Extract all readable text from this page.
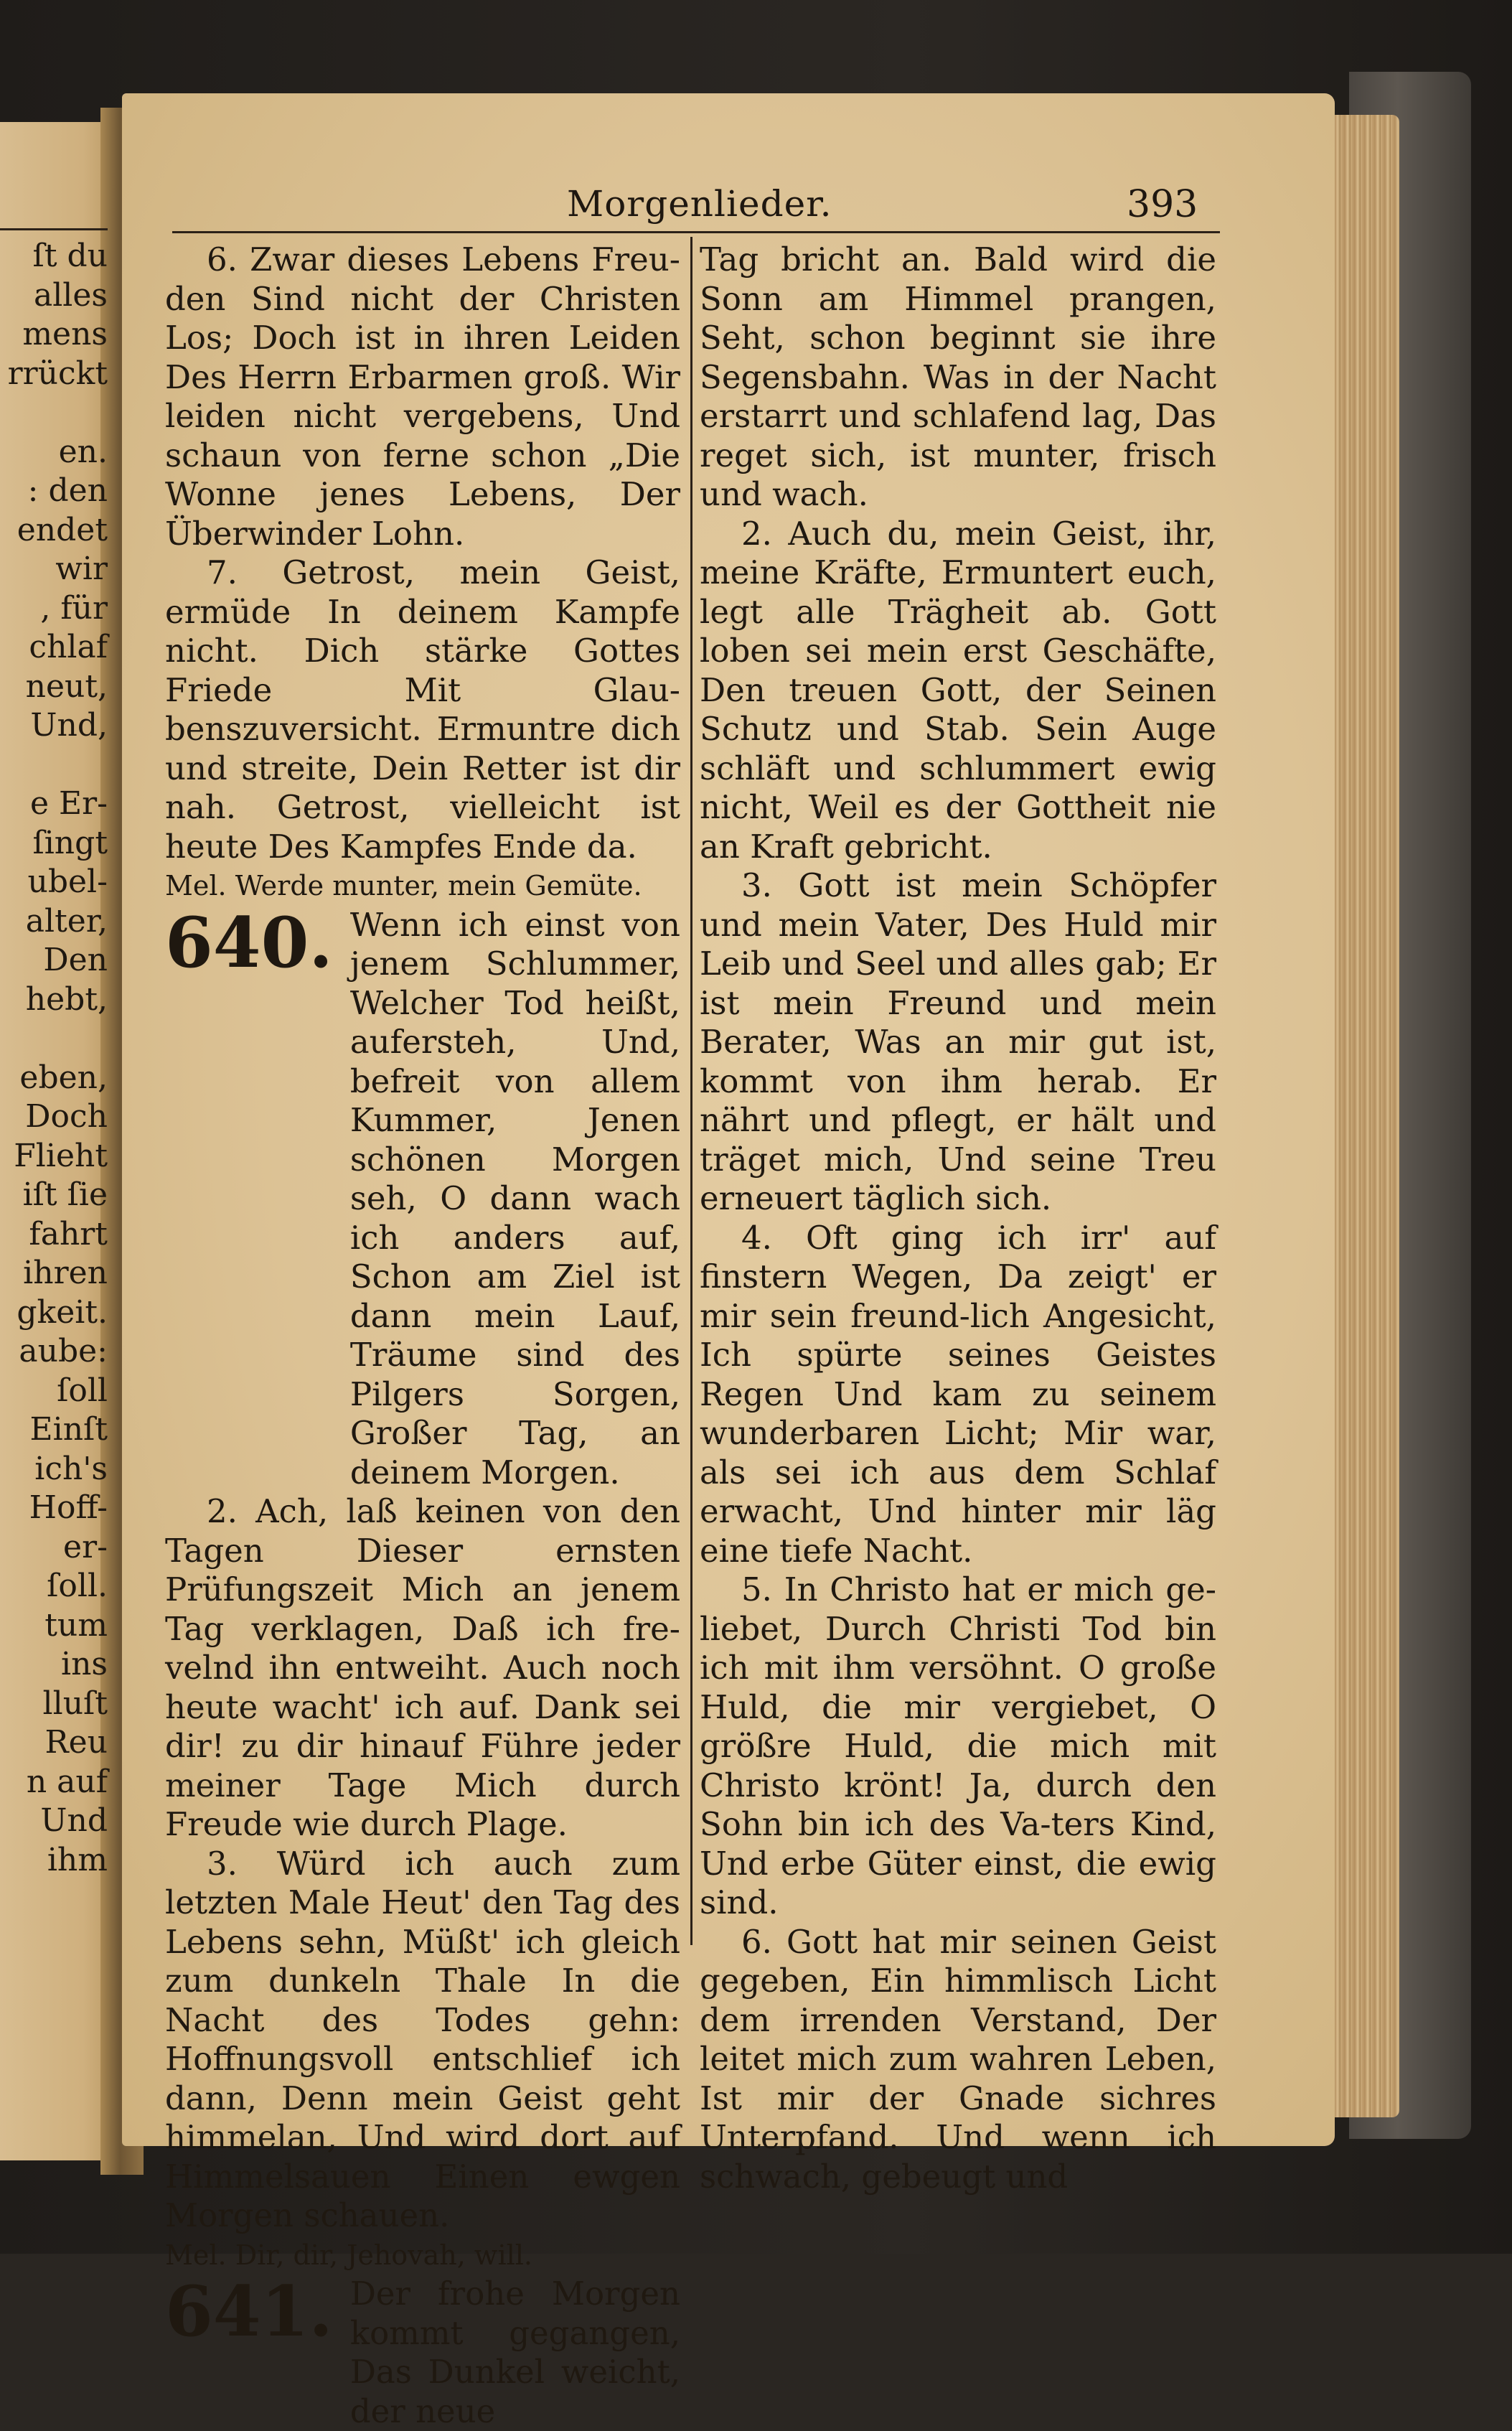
ſt du
alles
mens
rrückt

en.
: den
endet
wir
, für
chlaf
neut,
Und,

e Er-
ſingt
ubel-
alter,
Den
hebt,

eben,
Doch
Flieht
iſt ſie
fahrt
ihren
gkeit.
aube:
ſoll
Einſt
ich's
Hoff-
er-
ſoll.
tum
ins
lluſt
Reu
n auf
Und
ihm
Morgenlieder.	393

6. Zwar dieses Lebens Freu-den Sind nicht der Christen Los; Doch ist in ihren Leiden Des Herrn Erbarmen groß. Wir leiden nicht vergebens, Und schaun von ferne schon „Die Wonne jenes Lebens, Der Überwinder Lohn.

7. Getrost, mein Geist, ermüde In deinem Kampfe nicht. Dich stärke Gottes Friede Mit Glau-benszuversicht. Ermuntre dich und streite, Dein Retter ist dir nah. Getrost, vielleicht ist heute Des Kampfes Ende da.

Mel. Werde munter, mein Gemüte.

640. Wenn ich einst von jenem Schlummer, Welcher Tod heißt, aufersteh, Und, befreit von allem Kummer, Jenen schönen Morgen seh, O dann wach ich anders auf, Schon am Ziel ist dann mein Lauf, Träume sind des Pilgers Sorgen, Großer Tag, an deinem Morgen.

2. Ach, laß keinen von den Tagen Dieser ernsten Prüfungszeit Mich an jenem Tag verklagen, Daß ich fre-velnd ihn entweiht. Auch noch heute wacht' ich auf. Dank sei dir! zu dir hinauf Führe jeder meiner Tage Mich durch Freude wie durch Plage.

3. Würd ich auch zum letzten Male Heut' den Tag des Lebens sehn, Müßt' ich gleich zum dunkeln Thale In die Nacht des Todes gehn: Hoffnungsvoll entschlief ich dann, Denn mein Geist geht himmelan, Und wird dort auf Himmelsauen Einen ewgen Morgen schauen.

Mel. Dir, dir, Jehovah, will.

641. Der frohe Morgen kommt gegangen, Das Dunkel weicht, der neue

Tag bricht an. Bald wird die Sonn am Himmel prangen, Seht, schon beginnt sie ihre Segensbahn. Was in der Nacht erstarrt und schlafend lag, Das reget sich, ist munter, frisch und wach.

2. Auch du, mein Geist, ihr, meine Kräfte, Ermuntert euch, legt alle Trägheit ab. Gott loben sei mein erst Geschäfte, Den treuen Gott, der Seinen Schutz und Stab. Sein Auge schläft und schlummert ewig nicht, Weil es der Gottheit nie an Kraft gebricht.

3. Gott ist mein Schöpfer und mein Vater, Des Huld mir Leib und Seel und alles gab; Er ist mein Freund und mein Berater, Was an mir gut ist, kommt von ihm herab. Er nährt und pflegt, er hält und träget mich, Und seine Treu erneuert täglich sich.

4. Oft ging ich irr' auf finstern Wegen, Da zeigt' er mir sein freund-lich Angesicht, Ich spürte seines Geistes Regen Und kam zu seinem wunderbaren Licht; Mir war, als sei ich aus dem Schlaf erwacht, Und hinter mir läg eine tiefe Nacht.

5. In Christo hat er mich ge-liebet, Durch Christi Tod bin ich mit ihm versöhnt. O große Huld, die mir vergiebet, O größre Huld, die mich mit Christo krönt! Ja, durch den Sohn bin ich des Va-ters Kind, Und erbe Güter einst, die ewig sind.

6. Gott hat mir seinen Geist gegeben, Ein himmlisch Licht dem irrenden Verstand, Der leitet mich zum wahren Leben, Ist mir der Gnade sichres Unterpfand. Und wenn ich schwach, gebeugt und
